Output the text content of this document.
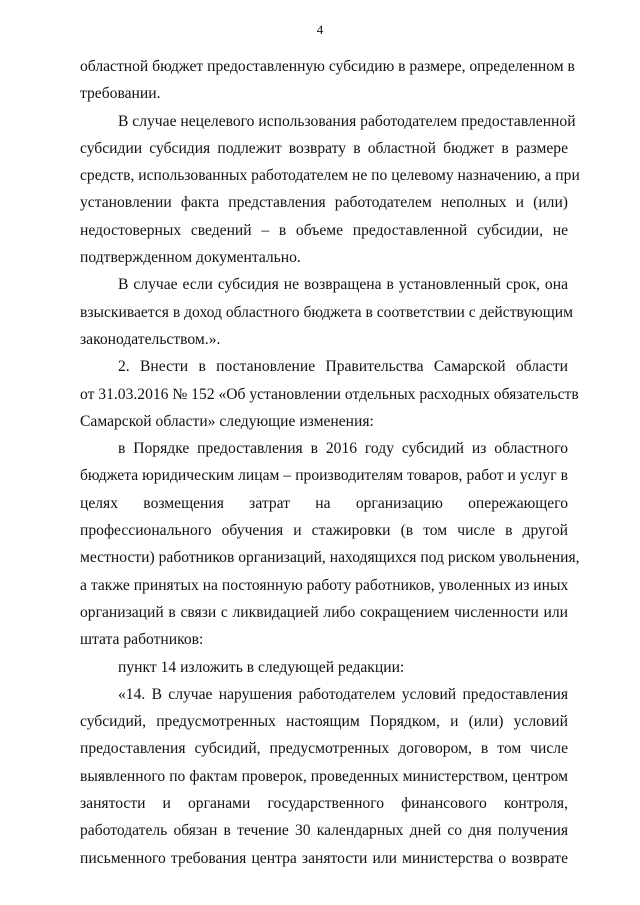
4
областной бюджет предоставленную субсидию в размере, определенном в
требовании.
В случае нецелевого использования работодателем предоставленной
субсидии субсидия подлежит возврату в областной бюджет в размере
средств, использованных работодателем не по целевому назначению, а при
установлении факта представления работодателем неполных и (или)
недостоверных сведений – в объеме предоставленной субсидии, не
подтвержденном документально.
В случае если субсидия не возвращена в установленный срок, она
взыскивается в доход областного бюджета в соответствии с действующим
законодательством.».
2. Внести в постановление Правительства Самарской области
от 31.03.2016 № 152 «Об установлении отдельных расходных обязательств
Самарской области» следующие изменения:
в Порядке предоставления в 2016 году субсидий из областного
бюджета юридическим лицам – производителям товаров, работ и услуг в
целях возмещения затрат на организацию опережающего
профессионального обучения и стажировки (в том числе в другой
местности) работников организаций, находящихся под риском увольнения,
а также принятых на постоянную работу работников, уволенных из иных
организаций в связи с ликвидацией либо сокращением численности или
штата работников:
пункт 14 изложить в следующей редакции:
«14. В случае нарушения работодателем условий предоставления
субсидий, предусмотренных настоящим Порядком, и (или) условий
предоставления субсидий, предусмотренных договором, в том числе
выявленного по фактам проверок, проведенных министерством, центром
занятости и органами государственного финансового контроля,
работодатель обязан в течение 30 календарных дней со дня получения
письменного требования центра занятости или министерства о возврате
